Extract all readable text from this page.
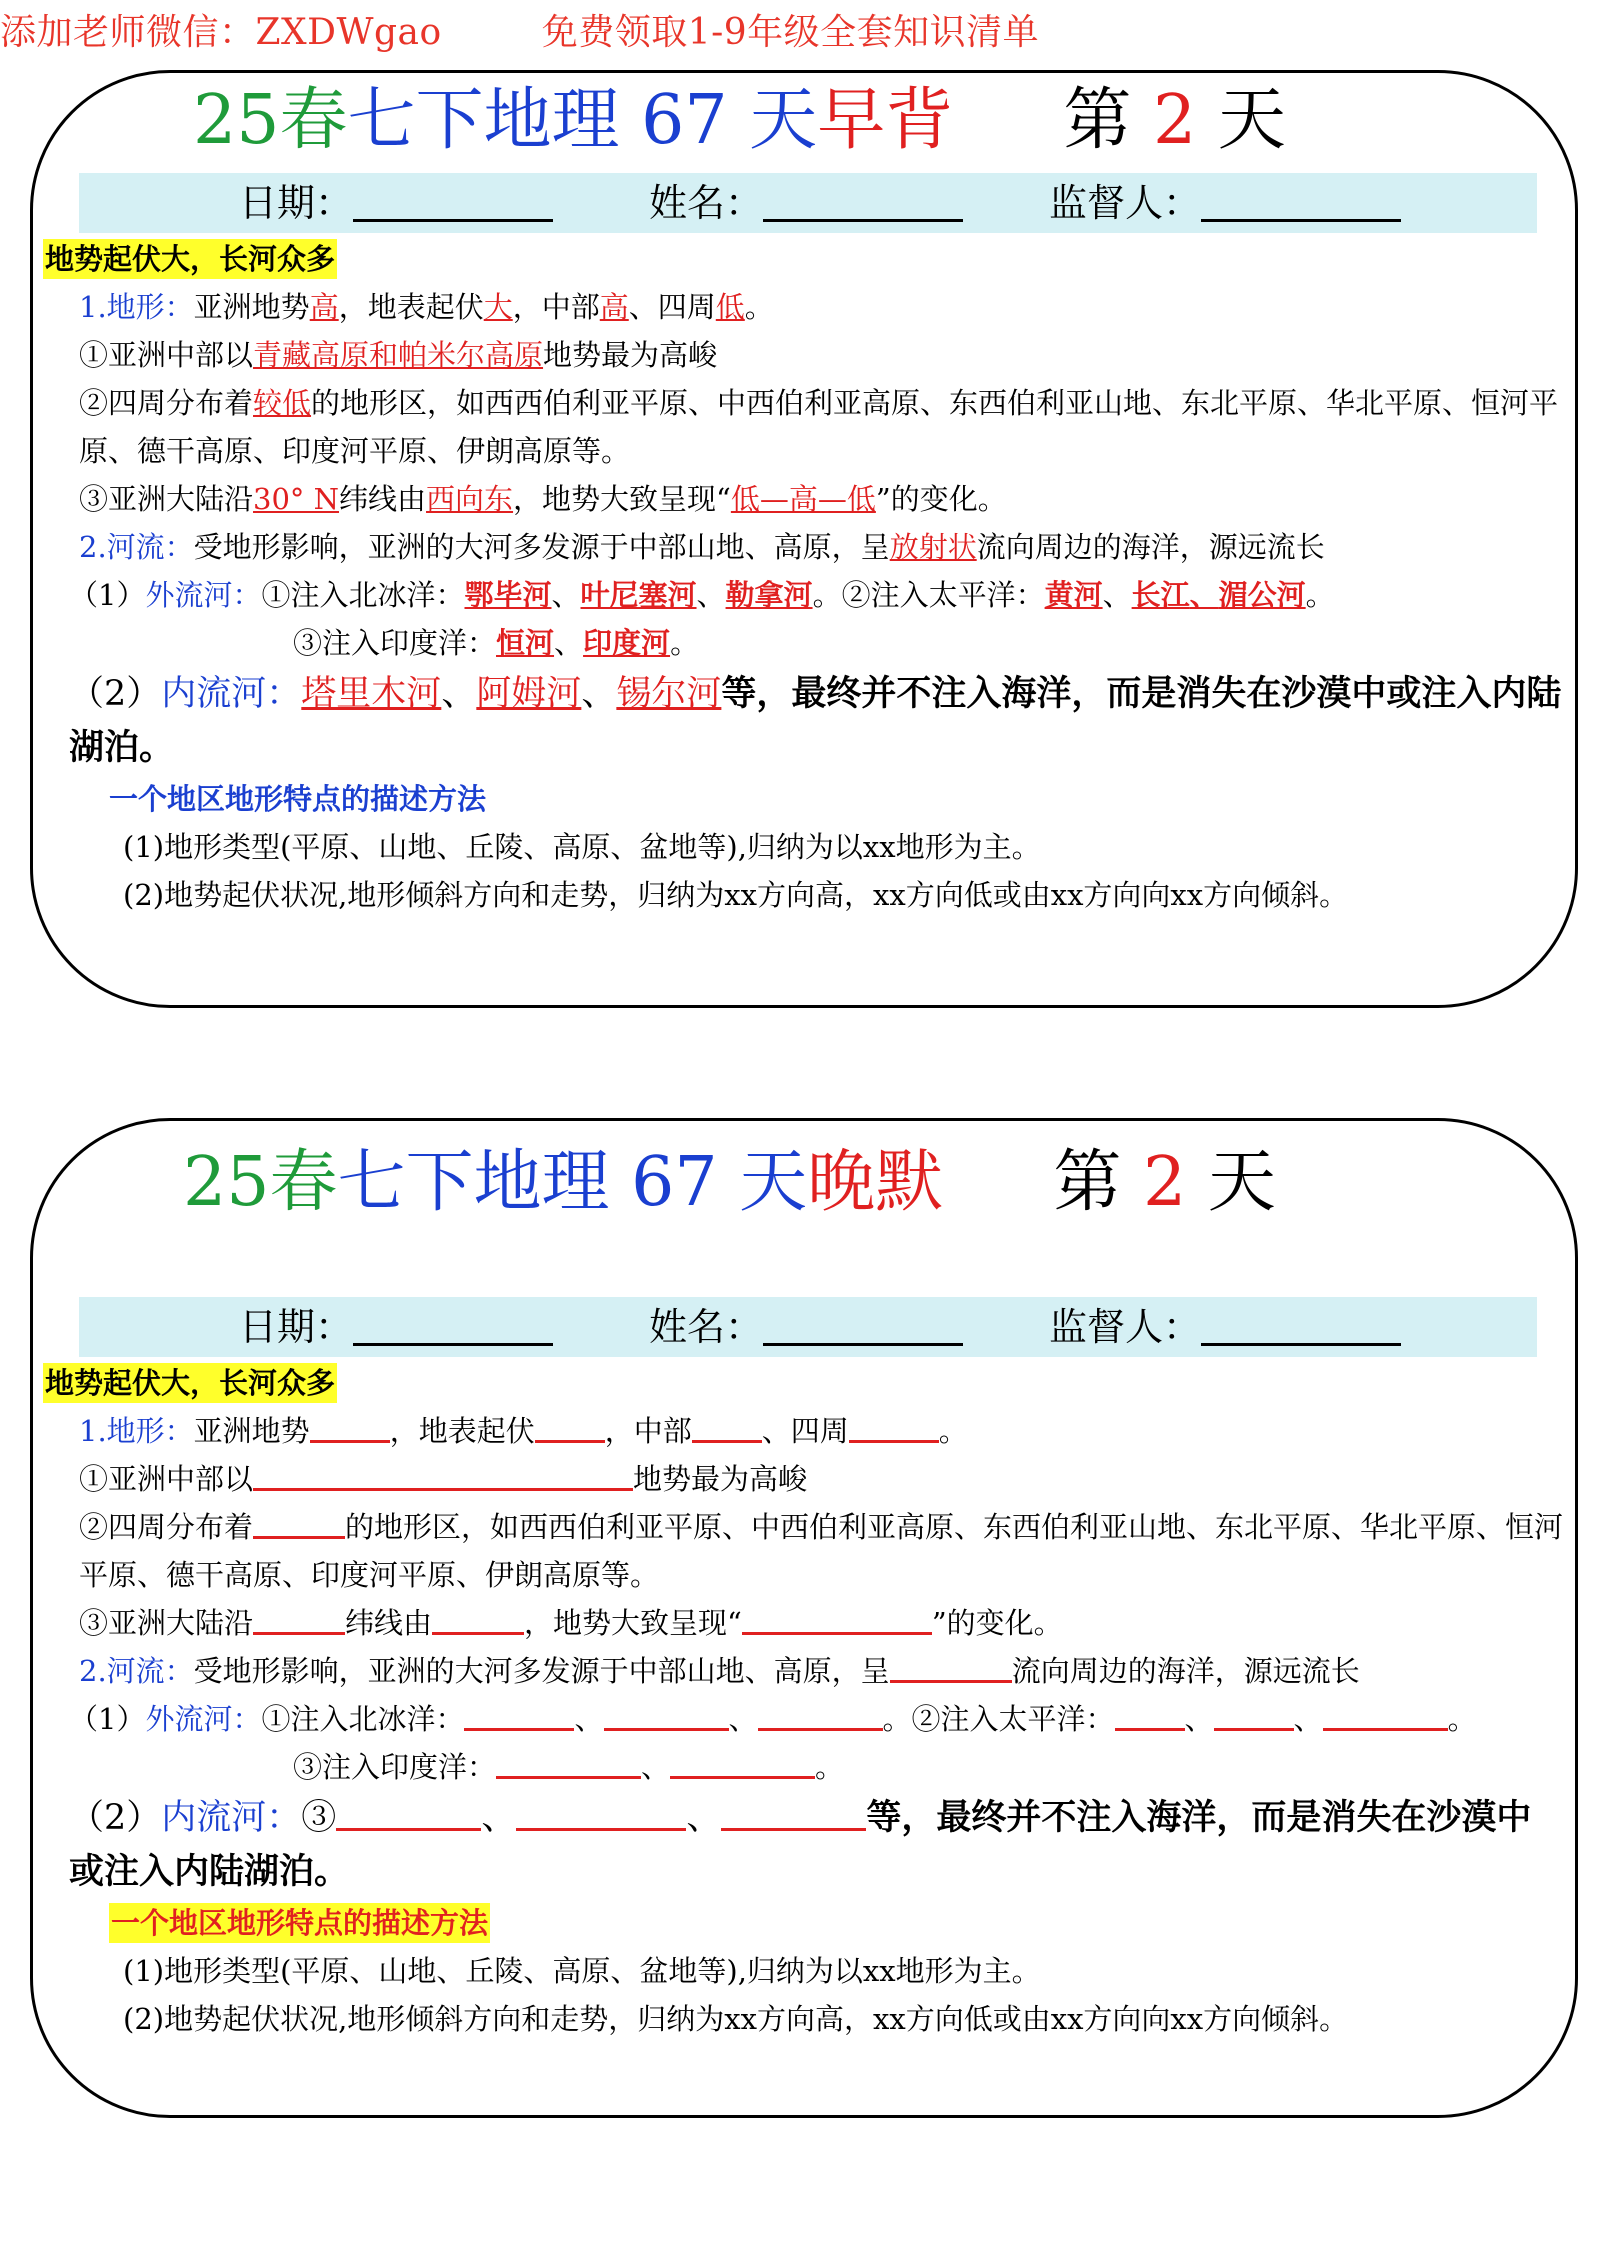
添加老师微信：ZXDWgao	免费领取1-9年级全套知识清单
25春七下地理 67 天早背 第 2 天
日期：	姓名：	监督人：

地势起伏大，长河众多

1.地形：亚洲地势高，地表起伏大，中部高、四周低。

①亚洲中部以青藏高原和帕米尔高原地势最为高峻

②四周分布着较低的地形区，如西西伯利亚平原、中西伯利亚高原、东西伯利亚山地、东北平原、华北平原、恒河平原、德干高原、印度河平原、伊朗高原等。

③亚洲大陆沿30° N纬线由西向东，地势大致呈现“低—高—低”的变化。

2.河流：受地形影响，亚洲的大河多发源于中部山地、高原，呈放射状流向周边的海洋，源远流长

（1）外流河：①注入北冰洋：鄂毕河、叶尼塞河、勒拿河。②注入太平洋：黄河、长江、湄公河。

③注入印度洋：恒河、印度河。

（2）内流河：塔里木河、阿姆河、锡尔河等，最终并不注入海洋，而是消失在沙漠中或注入内陆湖泊。

一个地区地形特点的描述方法

(1)地形类型(平原、山地、丘陵、高原、盆地等),归纳为以xx地形为主。

(2)地势起伏状况,地形倾斜方向和走势，归纳为xx方向高，xx方向低或由xx方向向xx方向倾斜。

25春七下地理 67 天晚默 第 2 天
日期：	姓名：	监督人：

地势起伏大，长河众多

1.地形：亚洲地势	，地表起伏 ，中部 、四周	。

①亚洲中部以	地势最为高峻

②四周分布着	的地形区，如西西伯利亚平原、中西伯利亚高原、东西伯利亚山地、东北平原、华北平原、恒河平原、德干高原、印度河平原、伊朗高原等。

③亚洲大陆沿	纬线由	，地势大致呈现“	”的变化。

2.河流：受地形影响，亚洲的大河多发源于中部山地、高原，呈	流向周边的海洋，源远流长

（1）外流河：①注入北冰洋：	、	、	。②注入太平洋： 、	、	。

③注入印度洋：	、	。

（2）内流河：③	、	、	等，最终并不注入海洋，而是消失在沙漠中或注入内陆湖泊。

一个地区地形特点的描述方法

(1)地形类型(平原、山地、丘陵、高原、盆地等),归纳为以xx地形为主。

(2)地势起伏状况,地形倾斜方向和走势，归纳为xx方向高，xx方向低或由xx方向向xx方向倾斜。
